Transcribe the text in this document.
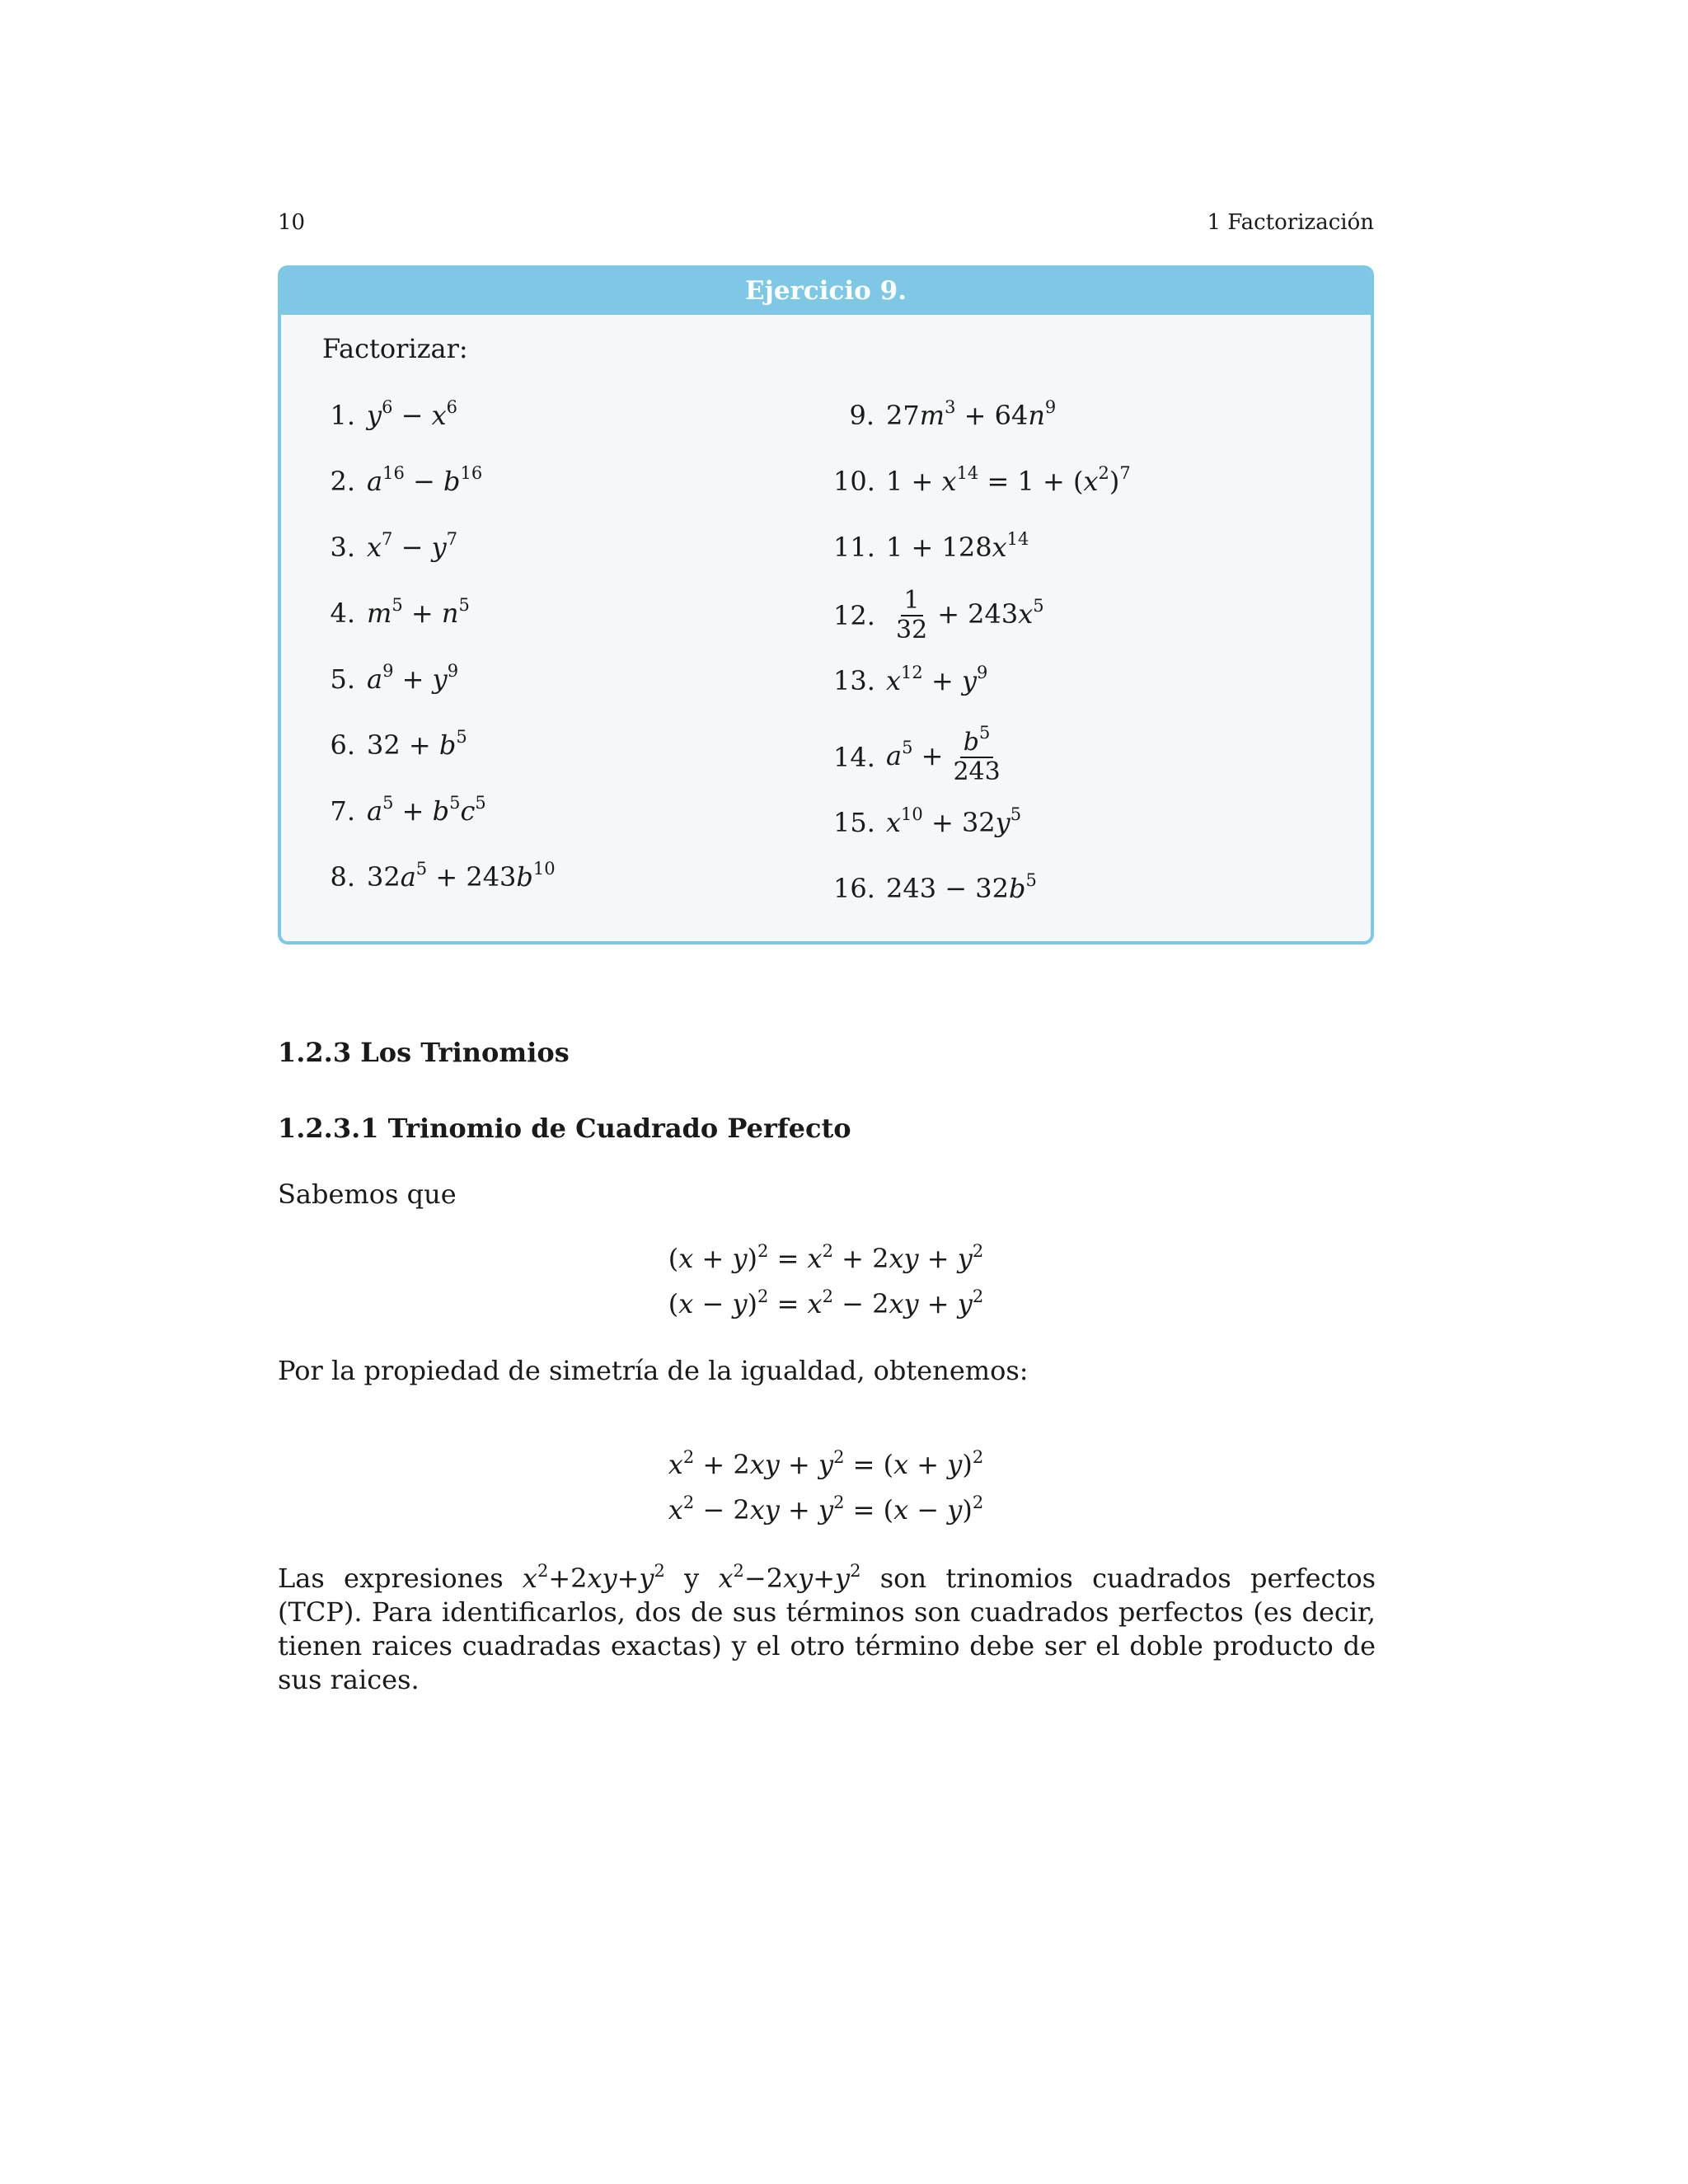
10	1 Factorización
Ejercicio 9.
Factorizar:
1. $y^6 - x^6$
2. $a^{16} - b^{16}$
3. $x^7 - y^7$
4. $m^5 + n^5$
5. $a^9 + y^9$
6. $32 + b^5$
7. $a^5 + b^5c^5$
8. $32a^5 + 243b^{10}$
9. $27m^3 + 64n^9$
10. $1 + x^{14} = 1 + (x^2)^7$
11. $1 + 128x^{14}$
12. $\frac{1}{32} + 243x^5$
13. $x^{12} + y^9$
14. $a^5 + \frac{b^5}{243}$
15. $x^{10} + 32y^5$
16. $243 - 32b^5$
1.2.3 Los Trinomios
1.2.3.1 Trinomio de Cuadrado Perfecto
Sabemos que
$(x + y)^2 = x^2 + 2xy + y^2$
$(x - y)^2 = x^2 - 2xy + y^2$
Por la propiedad de simetría de la igualdad, obtenemos:
$x^2 + 2xy + y^2 = (x + y)^2$
$x^2 - 2xy + y^2 = (x - y)^2$
Las expresiones $x^2+2xy+y^2$ y $x^2-2xy+y^2$ son trinomios cuadrados perfectos (TCP). Para identificarlos, dos de sus términos son cuadrados perfectos (es decir, tienen raices cuadradas exactas) y el otro término debe ser el doble producto de sus raices.
